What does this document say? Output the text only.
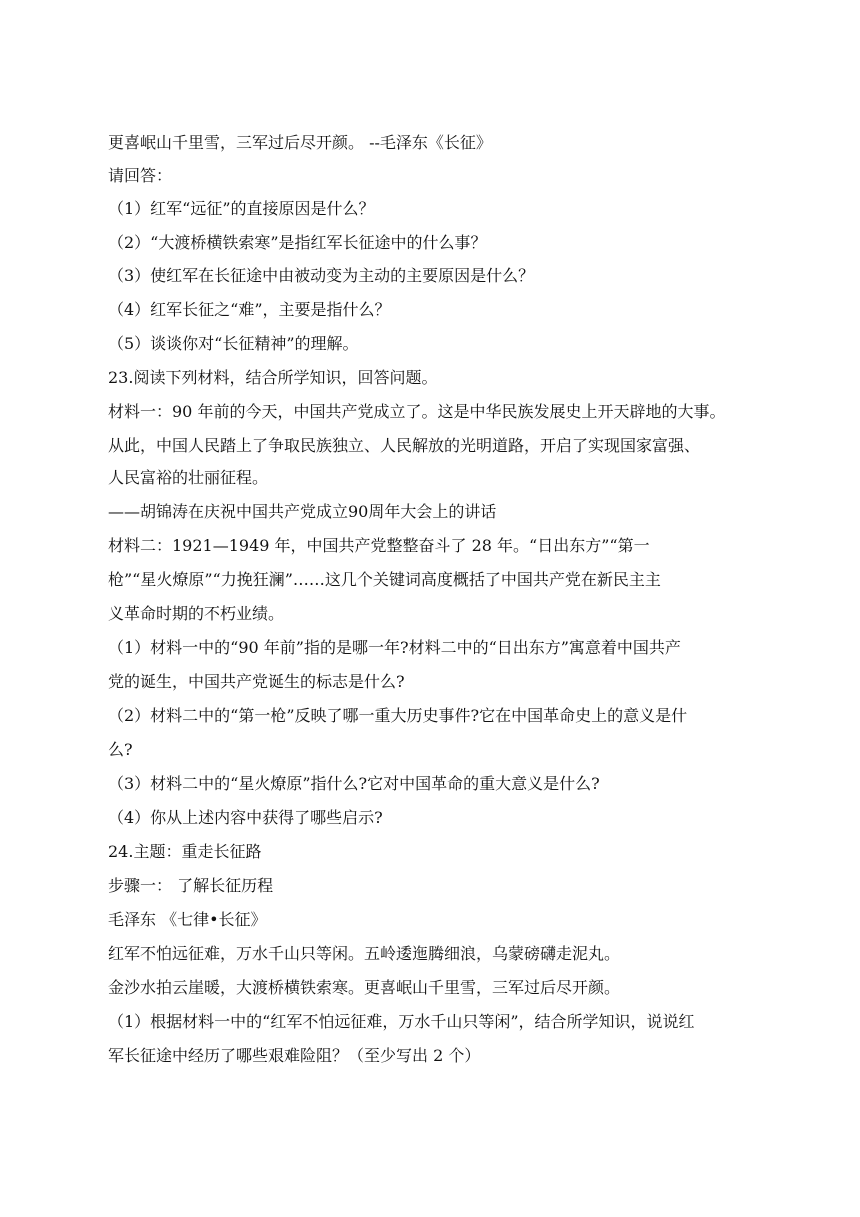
更喜岷山千里雪，三军过后尽开颜。 --毛泽东《长征》
请回答：
（1）红军“远征”的直接原因是什么？
（2）“大渡桥横铁索寒”是指红军长征途中的什么事？
（3）使红军在长征途中由被动变为主动的主要原因是什么？
（4）红军长征之“难”，主要是指什么？
（5）谈谈你对“长征精神”的理解。
23.阅读下列材料，结合所学知识，回答问题。
材料一：90 年前的今天，中国共产党成立了。这是中华民族发展史上开天辟地的大事。
从此，中国人民踏上了争取民族独立、人民解放的光明道路，开启了实现国家富强、
人民富裕的壮丽征程。
——胡锦涛在庆祝中国共产党成立90周年大会上的讲话
材料二：1921—1949 年，中国共产党整整奋斗了 28 年。“日出东方”“第一
枪”“星火燎原”“力挽狂澜”……这几个关键词高度概括了中国共产党在新民主主
义革命时期的不朽业绩。
（1）材料一中的“90 年前”指的是哪一年?材料二中的“日出东方”寓意着中国共产
党的诞生，中国共产党诞生的标志是什么?
（2）材料二中的“第一枪”反映了哪一重大历史事件?它在中国革命史上的意义是什
么?
（3）材料二中的“星火燎原”指什么?它对中国革命的重大意义是什么?
（4）你从上述内容中获得了哪些启示?
24.主题：重走长征路
步骤一： 了解长征历程
毛泽东 《七律•长征》
红军不怕远征难，万水千山只等闲。五岭逶迤腾细浪，乌蒙磅礴走泥丸。
金沙水拍云崖暖，大渡桥横铁索寒。更喜岷山千里雪，三军过后尽开颜。
（1）根据材料一中的“红军不怕远征难，万水千山只等闲”，结合所学知识，说说红
军长征途中经历了哪些艰难险阻？（至少写出 2 个）
